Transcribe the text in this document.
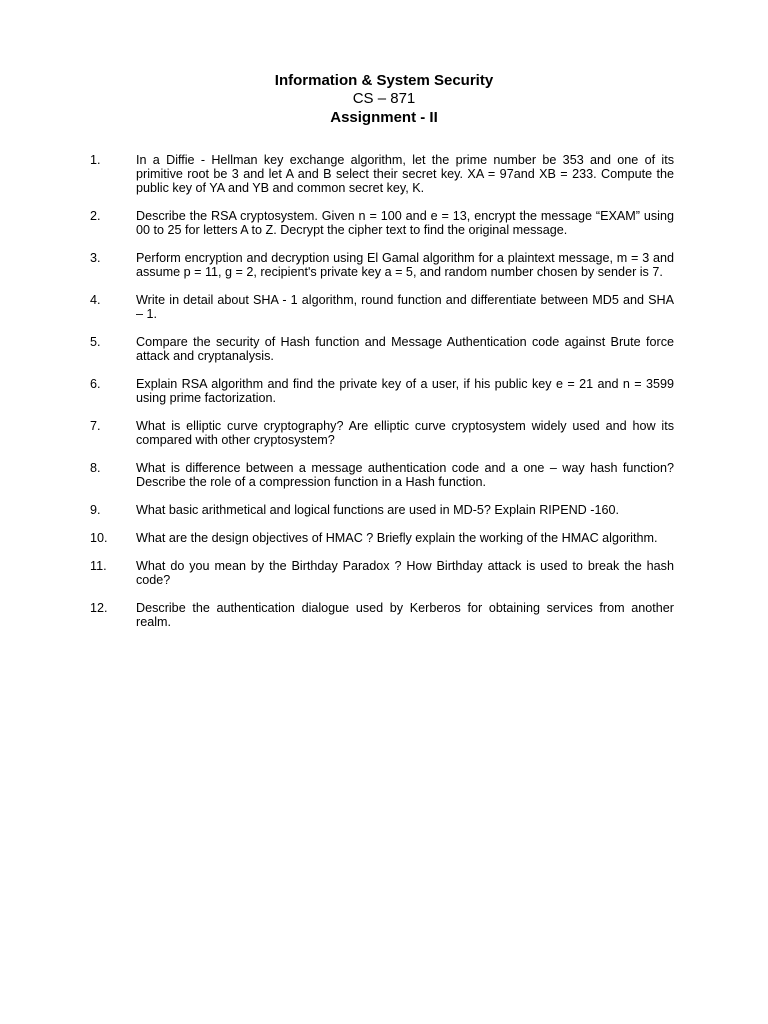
Information & System Security

CS – 871

Assignment - II

1.	In a Diffie - Hellman key exchange algorithm, let the prime number be 353 and one of its primitive root be 3 and let A and B select their secret key. XA = 97and XB = 233. Compute the public key of YA and YB and common secret key, K.
2.	Describe the RSA cryptosystem. Given n = 100 and e = 13, encrypt the message “EXAM” using 00 to 25 for letters A to Z. Decrypt the cipher text to find the original message.
3.	Perform encryption and decryption using El Gamal algorithm for a plaintext message, m = 3 and assume p = 11, g = 2, recipient's private key a = 5, and random number chosen by sender is 7.
4.	Write in detail about SHA - 1 algorithm, round function and differentiate between MD5 and SHA – 1.
5.	Compare the security of Hash function and Message Authentication code against Brute force attack and cryptanalysis.
6.	Explain RSA algorithm and find the private key of a user, if his public key e = 21 and n = 3599 using prime factorization.
7.	What is elliptic curve cryptography? Are elliptic curve cryptosystem widely used and how its compared with other cryptosystem?
8.	What is difference between a message authentication code and a one – way hash function? Describe the role of a compression function in a Hash function.
9.	What basic arithmetical and logical functions are used in MD-5? Explain RIPEND -160.
10.	What are the design objectives of HMAC ? Briefly explain the working of the HMAC algorithm.
11.	What do you mean by the Birthday Paradox ? How Birthday attack is used to break the hash code?
12.	Describe the authentication dialogue used by Kerberos for obtaining services from another realm.
